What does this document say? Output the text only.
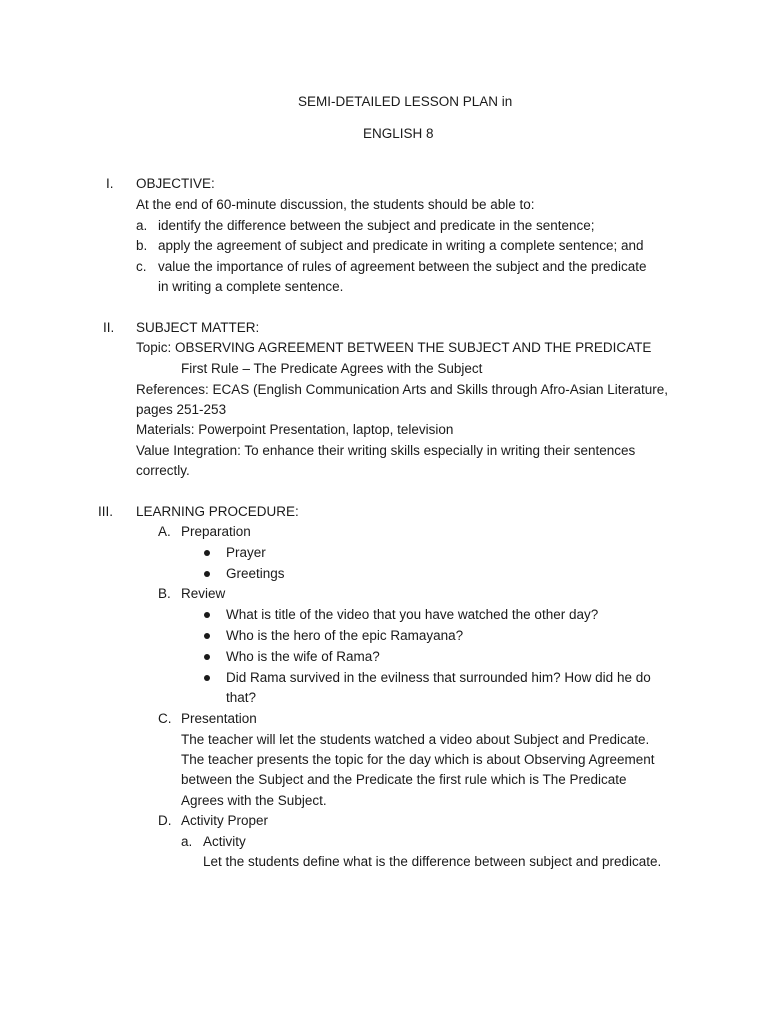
SEMI-DETAILED LESSON PLAN in
ENGLISH 8
I. OBJECTIVE:
At the end of 60-minute discussion, the students should be able to:
a. identify the difference between the subject and predicate in the sentence;
b. apply the agreement of subject and predicate in writing a complete sentence; and
c. value the importance of rules of agreement between the subject and the predicate
in writing a complete sentence.
II. SUBJECT MATTER:
Topic: OBSERVING AGREEMENT BETWEEN THE SUBJECT AND THE PREDICATE
First Rule – The Predicate Agrees with the Subject
References: ECAS (English Communication Arts and Skills through Afro-Asian Literature,
pages 251-253
Materials: Powerpoint Presentation, laptop, television
Value Integration: To enhance their writing skills especially in writing their sentences
correctly.
III. LEARNING PROCEDURE:
A. Preparation
Prayer
Greetings
B. Review
What is title of the video that you have watched the other day?
Who is the hero of the epic Ramayana?
Who is the wife of Rama?
Did Rama survived in the evilness that surrounded him? How did he do
that?
C. Presentation
The teacher will let the students watched a video about Subject and Predicate.
The teacher presents the topic for the day which is about Observing Agreement
between the Subject and the Predicate the first rule which is The Predicate
Agrees with the Subject.
D. Activity Proper
a. Activity
Let the students define what is the difference between subject and predicate.
